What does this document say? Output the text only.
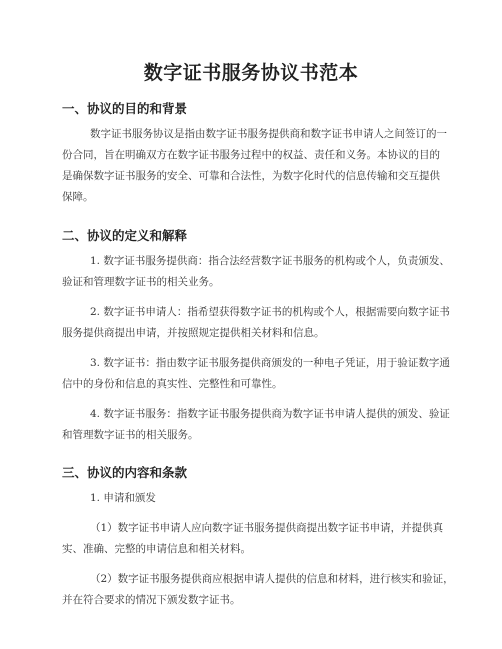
数字证书服务协议书范本
一、协议的目的和背景
数字证书服务协议是指由数字证书服务提供商和数字证书申请人之间签订的一
份合同，旨在明确双方在数字证书服务过程中的权益、责任和义务。本协议的目的
是确保数字证书服务的安全、可靠和合法性，为数字化时代的信息传输和交互提供
保障。
二、协议的定义和解释
1. 数字证书服务提供商：指合法经营数字证书服务的机构或个人，负责颁发、
验证和管理数字证书的相关业务。
2. 数字证书申请人：指希望获得数字证书的机构或个人，根据需要向数字证书
服务提供商提出申请，并按照规定提供相关材料和信息。
3. 数字证书：指由数字证书服务提供商颁发的一种电子凭证，用于验证数字通
信中的身份和信息的真实性、完整性和可靠性。
4. 数字证书服务：指数字证书服务提供商为数字证书申请人提供的颁发、验证
和管理数字证书的相关服务。
三、协议的内容和条款
1. 申请和颁发
（1）数字证书申请人应向数字证书服务提供商提出数字证书申请，并提供真
实、准确、完整的申请信息和相关材料。
（2）数字证书服务提供商应根据申请人提供的信息和材料，进行核实和验证，
并在符合要求的情况下颁发数字证书。
